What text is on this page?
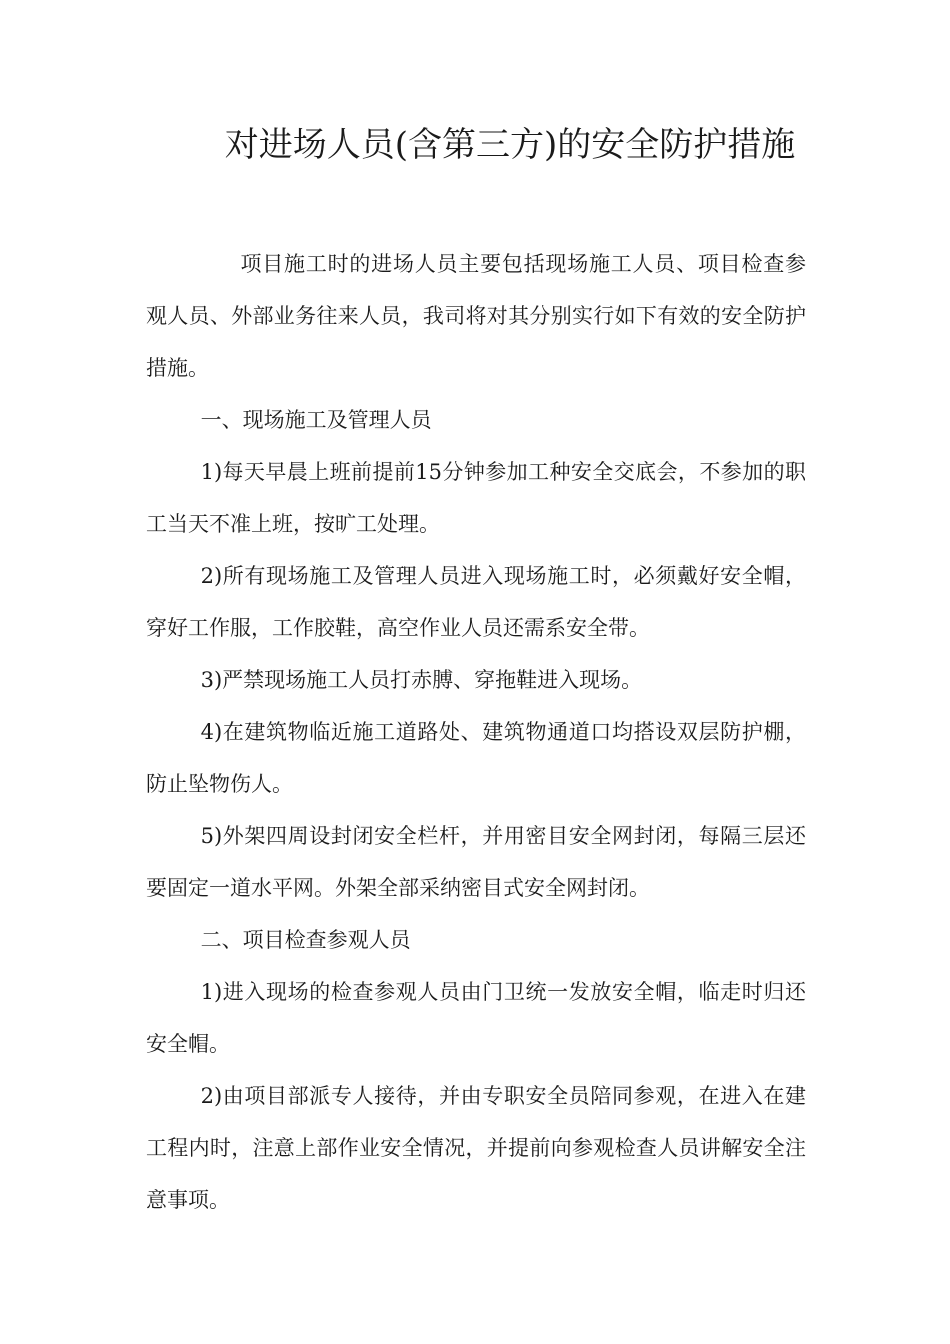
对进场人员(含第三方)的安全防护措施

项目施工时的进场人员主要包括现场施工人员、项目检查参观人员、外部业务往来人员，我司将对其分别实行如下有效的安全防护措施。

一、现场施工及管理人员

1)每天早晨上班前提前15分钟参加工种安全交底会，不参加的职工当天不准上班，按旷工处理。

2)所有现场施工及管理人员进入现场施工时，必须戴好安全帽，穿好工作服，工作胶鞋，高空作业人员还需系安全带。

3)严禁现场施工人员打赤膊、穿拖鞋进入现场。

4)在建筑物临近施工道路处、建筑物通道口均搭设双层防护棚，防止坠物伤人。

5)外架四周设封闭安全栏杆，并用密目安全网封闭，每隔三层还要固定一道水平网。外架全部采纳密目式安全网封闭。

二、项目检查参观人员

1)进入现场的检查参观人员由门卫统一发放安全帽，临走时归还安全帽。

2)由项目部派专人接待，并由专职安全员陪同参观，在进入在建工程内时，注意上部作业安全情况，并提前向参观检查人员讲解安全注意事项。
